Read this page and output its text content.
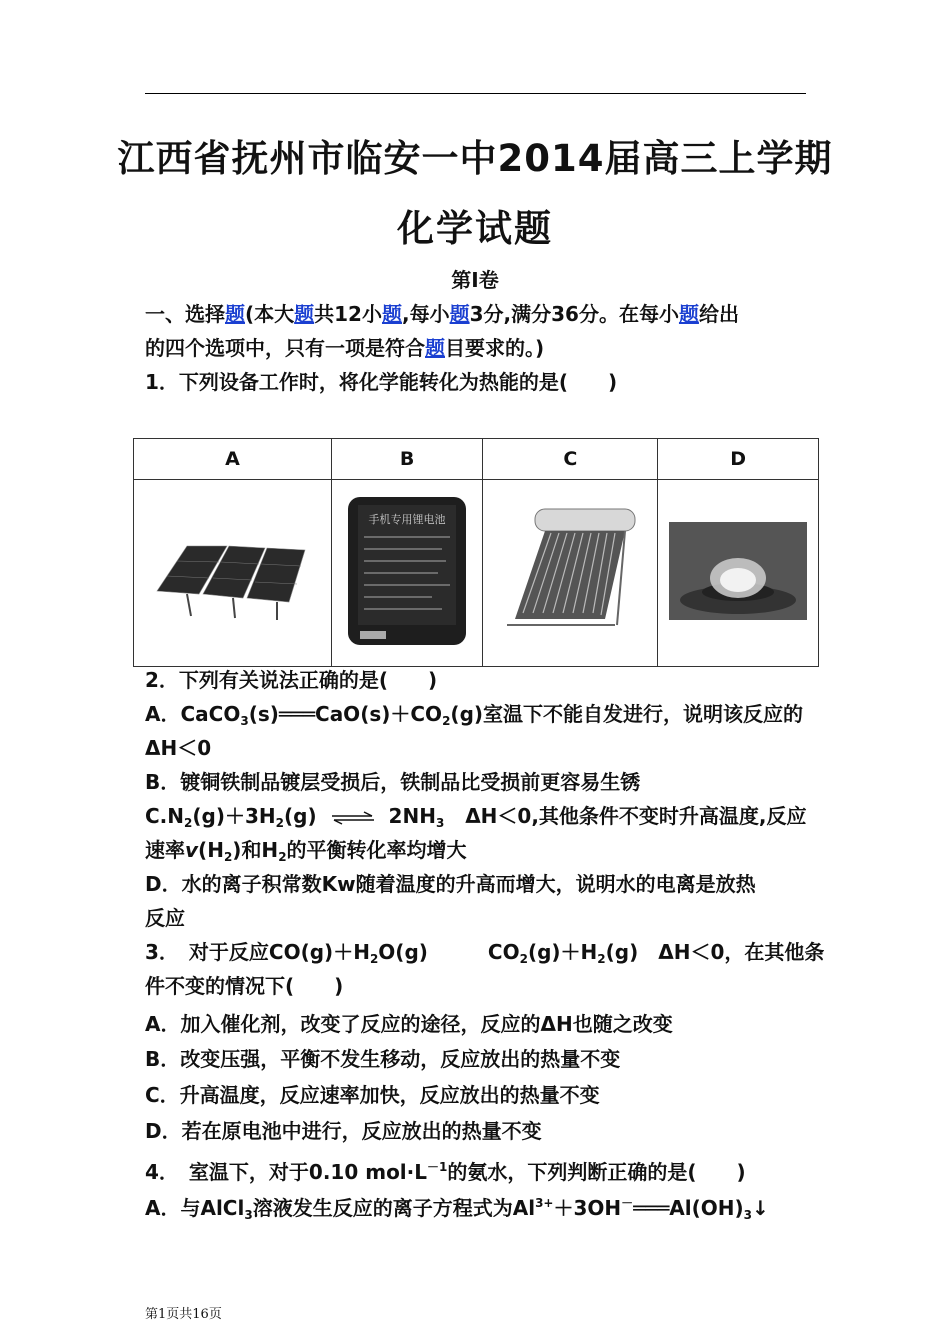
江西省抚州市临安一中2014届高三上学期
化学试题
第Ⅰ卷
一、选择题(本大题共12小题,每小题3分,满分36分。在每小题给出
的四个选项中，只有一项是符合题目要求的。)
1．下列设备工作时，将化学能转化为热能的是(　　)
A	B	C	D

手机专用锂电池

2．下列有关说法正确的是(　　)
A．$CaCO_3(s)═══CaO(s)+CO_2(g)$室温下不能自发进行，说明该反应的
ΔH＜0
B．镀铜铁制品镀层受损后，铁制品比受损前更容易生锈
$C.N_2(g)+3H_2(g)$ ⇌ $2NH_3$ ΔH＜0,其他条件不变时升高温度,反应
速率$v(H_2)$和$H_2$的平衡转化率均增大
D．水的离子积常数Kw随着温度的升高而增大，说明水的电离是放热
反应
3．　对于反应$CO(g)+H_2O(g)$　　　$CO_2(g)+H_2(g)$　ΔH＜0，在其他条
件不变的情况下(　　)
A．加入催化剂，改变了反应的途径，反应的ΔH也随之改变
B．改变压强，平衡不发生移动，反应放出的热量不变
C．升高温度，反应速率加快，反应放出的热量不变
D．若在原电池中进行，反应放出的热量不变
4．　室温下，对于0.10 $mol\cdot L^{-1}$的氨水，下列判断正确的是(　　)
A．与AlCl$_3$溶液发生反应的离子方程式为$Al^{3+}+3OH^-═══Al(OH)_3↓$
第1页共16页
